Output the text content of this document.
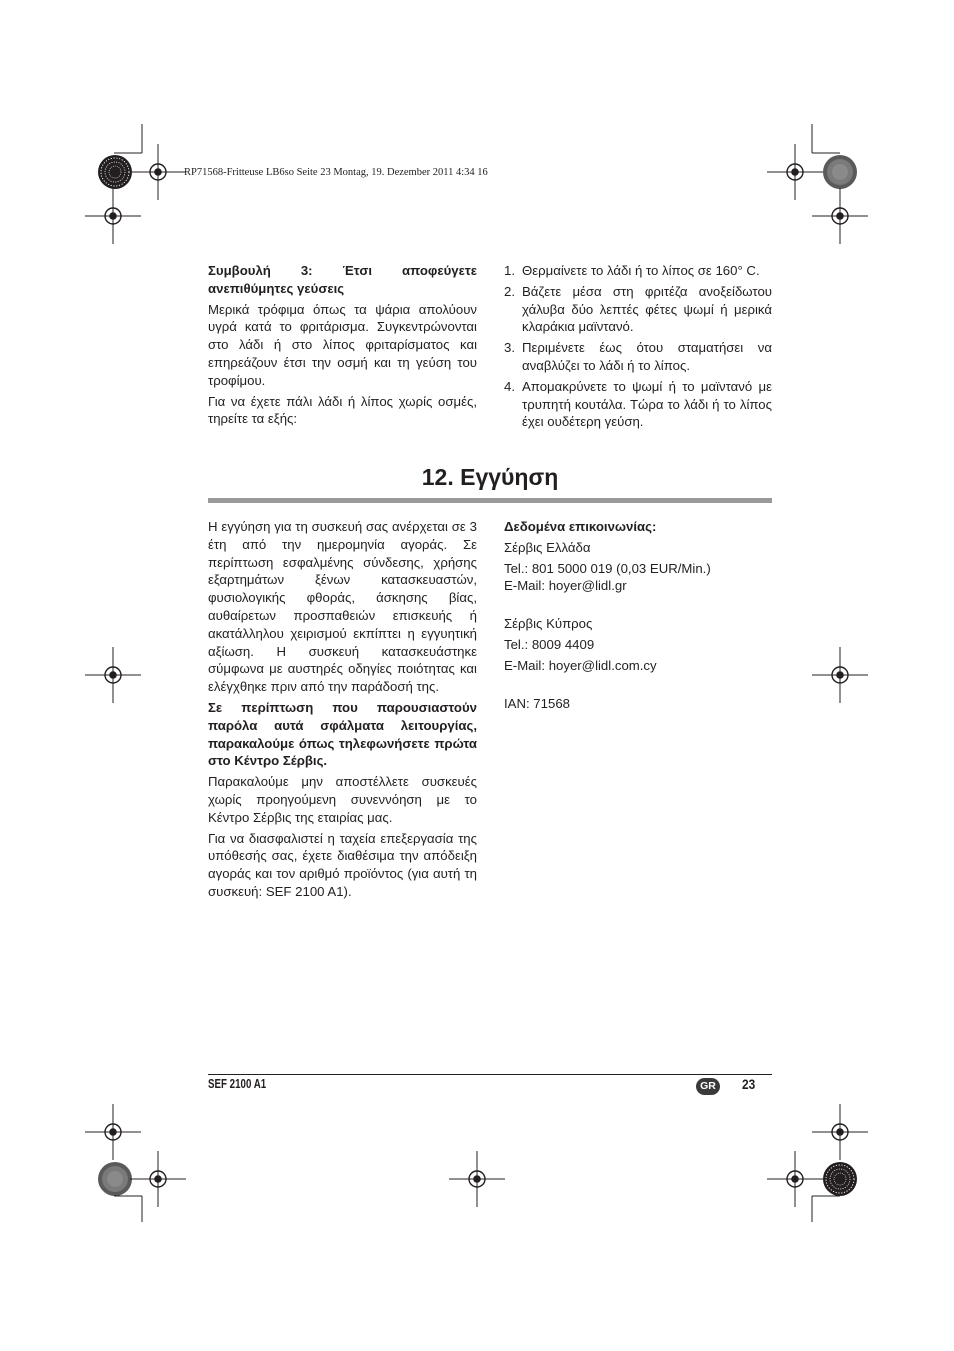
RP71568-Fritteuse LB6so Seite 23 Montag, 19. Dezember 2011 4:34 16

Συμβουλή 3: Έτσι αποφεύγετε ανεπιθύμητες γεύσεις

Μερικά τρόφιμα όπως τα ψάρια απολύουν υγρά κατά το φριτάρισμα. Συγκεντρώνονται στο λάδι ή στο λίπος φριταρίσματος και επηρεάζουν έτσι την οσμή και τη γεύση του τροφίμου.

Για να έχετε πάλι λάδι ή λίπος χωρίς οσμές, τηρείτε τα εξής:

1. Θερμαίνετε το λάδι ή το λίπος σε 160° C.
2. Βάζετε μέσα στη φριτέζα ανοξείδωτου χάλυβα δύο λεπτές φέτες ψωμί ή μερικά κλαράκια μαϊντανό.
3. Περιμένετε έως ότου σταματήσει να αναβλύζει το λάδι ή το λίπος.
4. Απομακρύνετε το ψωμί ή το μαϊντανό με τρυπητή κουτάλα. Τώρα το λάδι ή το λίπος έχει ουδέτερη γεύση.
12. Εγγύηση

Η εγγύηση για τη συσκευή σας ανέρχεται σε 3 έτη από την ημερομηνία αγοράς. Σε περίπτωση εσφαλμένης σύνδεσης, χρήσης εξαρτημάτων ξένων κατασκευαστών, φυσιολογικής φθοράς, άσκησης βίας, αυθαίρετων προσπαθειών επισκευής ή ακατάλληλου χειρισμού εκπίπτει η εγγυητική αξίωση. Η συσκευή κατασκευάστηκε σύμφωνα με αυστηρές οδηγίες ποιότητας και ελέγχθηκε πριν από την παράδοσή της.

Σε περίπτωση που παρουσιαστούν παρόλα αυτά σφάλματα λειτουργίας, παρακαλούμε όπως τηλεφωνήσετε πρώτα στο Κέντρο Σέρβις.

Παρακαλούμε μην αποστέλλετε συσκευές χωρίς προηγούμενη συνεννόηση με το Κέντρο Σέρβις της εταιρίας μας.

Για να διασφαλιστεί η ταχεία επεξεργασία της υπόθεσής σας, έχετε διαθέσιμα την απόδειξη αγοράς και τον αριθμό προϊόντος (για αυτή τη συσκευή: SEF 2100 A1).

Δεδομένα επικοινωνίας:

Σέρβις Ελλάδα

Tel.: 801 5000 019 (0,03 EUR/Min.)

E-Mail: hoyer@lidl.gr

Σέρβις Κύπρος

Tel.: 8009 4409

E-Mail: hoyer@lidl.com.cy

IAN: 71568

SEF 2100 A1	GR 23
